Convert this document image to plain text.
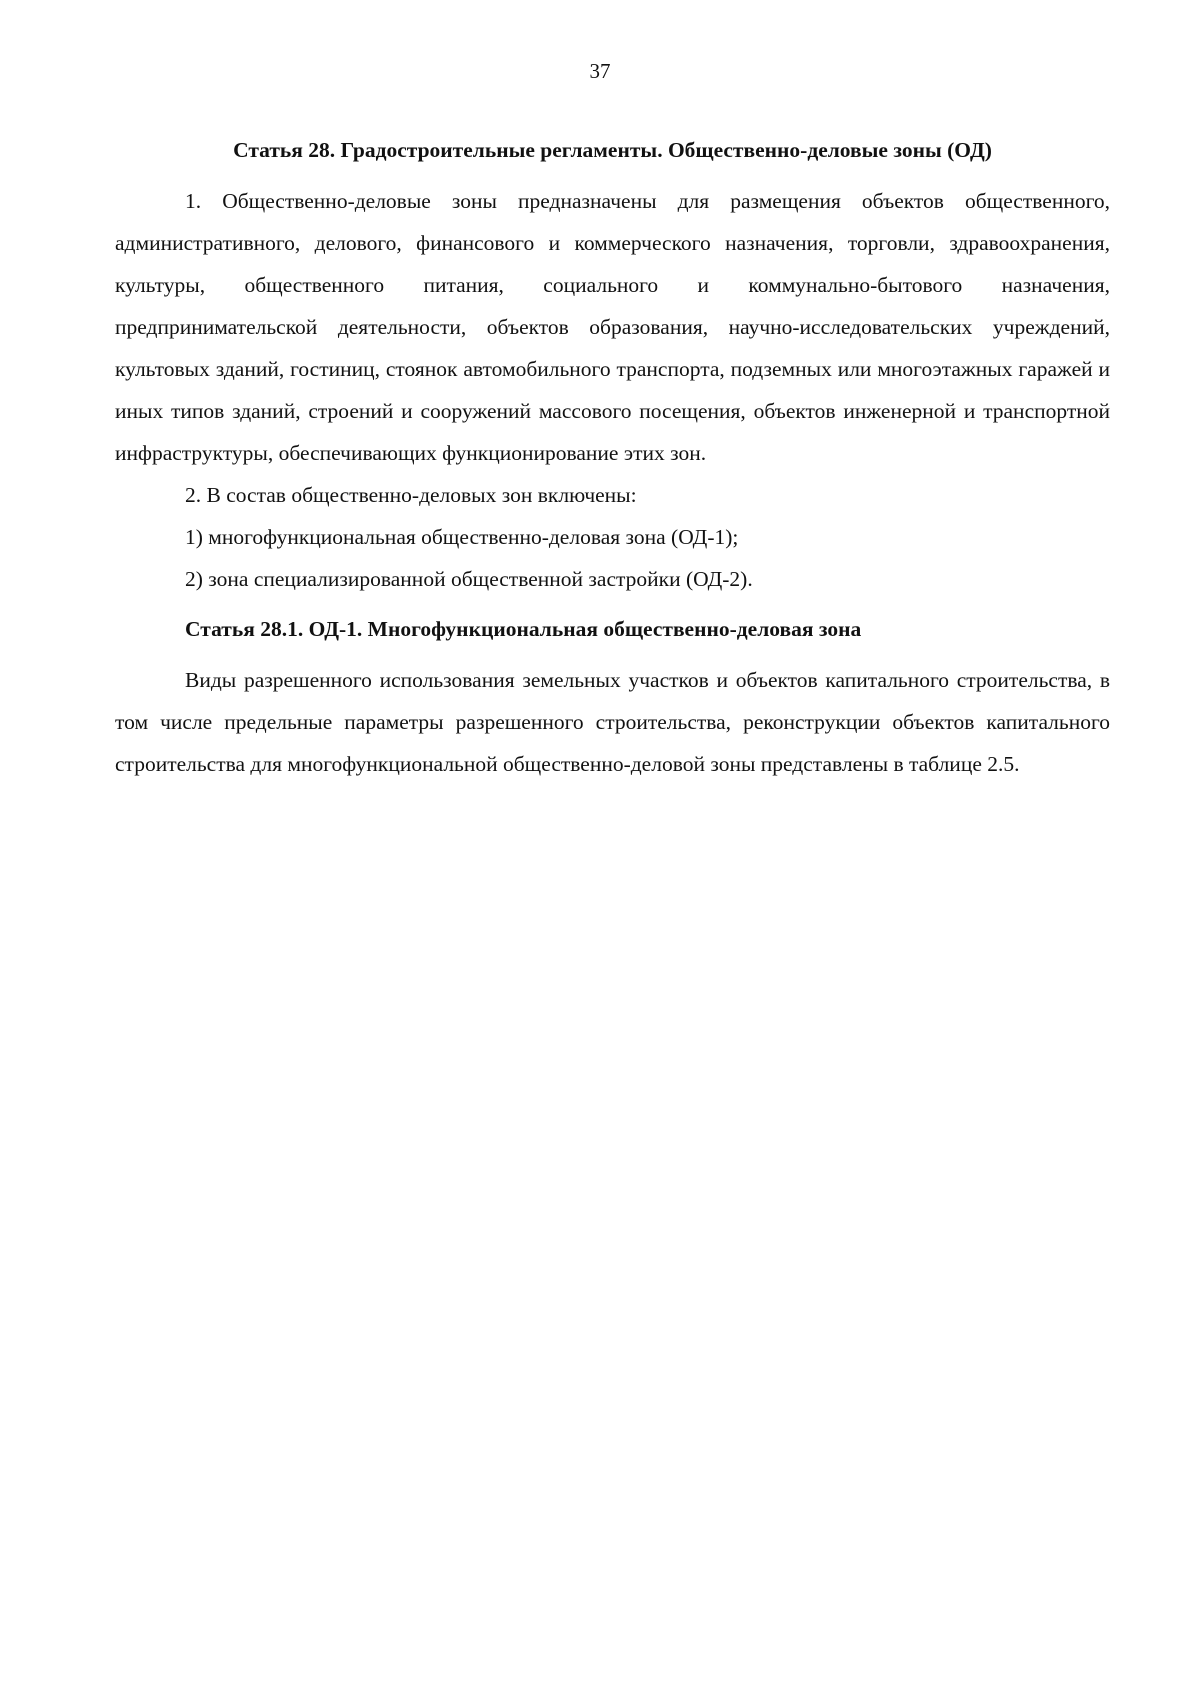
37

Статья 28. Градостроительные регламенты. Общественно-деловые зоны (ОД)

1. Общественно-деловые зоны предназначены для размещения объектов общественного, административного, делового, финансового и коммерческого назначения, торговли, здравоохранения, культуры, общественного питания, социального и коммунально-бытового назначения, предпринимательской деятельности, объектов образования, научно-исследовательских учреждений, культовых зданий, гостиниц, стоянок автомобильного транспорта, подземных или многоэтажных гаражей и иных типов зданий, строений и сооружений массового посещения, объектов инженерной и транспортной инфраструктуры, обеспечивающих функционирование этих зон.

2. В состав общественно-деловых зон включены:

1) многофункциональная общественно-деловая зона (ОД-1);

2) зона специализированной общественной застройки (ОД-2).

Статья 28.1. ОД-1. Многофункциональная общественно-деловая зона

Виды разрешенного использования земельных участков и объектов капитального строительства, в том числе предельные параметры разрешенного строительства, реконструкции объектов капитального строительства для многофункциональной общественно-деловой зоны представлены в таблице 2.5.
